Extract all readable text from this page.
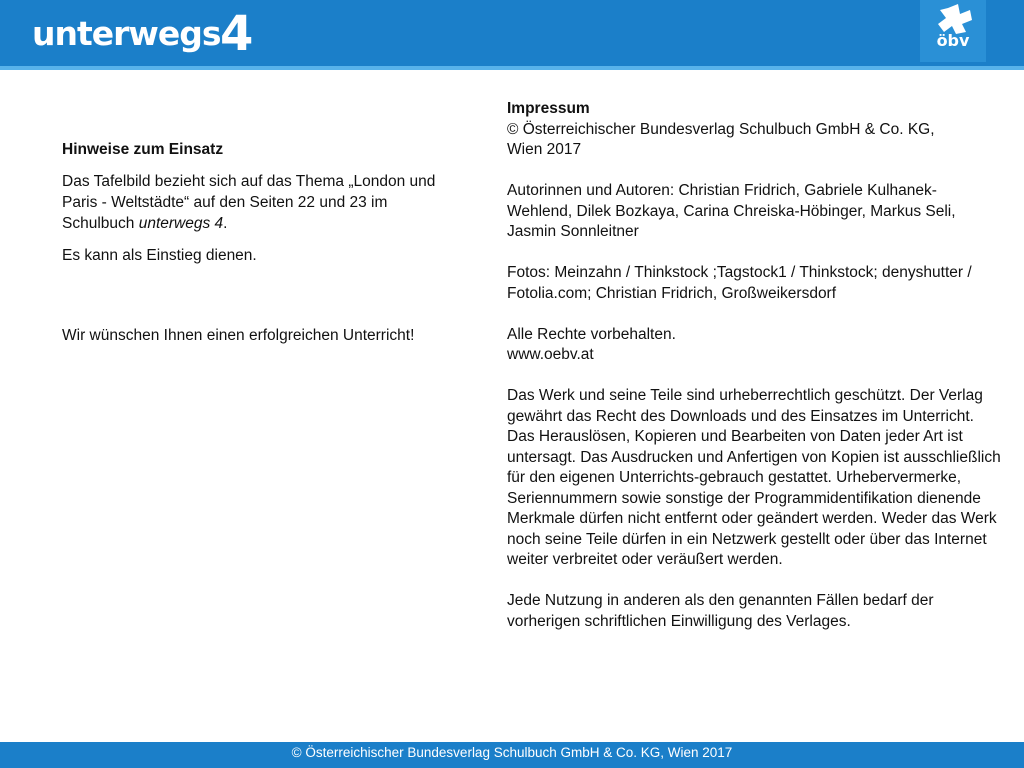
unterwegs 4	öbv

Hinweise zum Einsatz

Das Tafelbild bezieht sich auf das Thema „London und Paris - Weltstädte“ auf den Seiten 22 und 23 im Schulbuch unterwegs 4.

Es kann als Einstieg dienen.

Wir wünschen Ihnen einen erfolgreichen Unterricht!

Impressum

© Österreichischer Bundesverlag Schulbuch GmbH & Co. KG,

Wien 2017

Autorinnen und Autoren: Christian Fridrich, Gabriele Kulhanek-Wehlend, Dilek Bozkaya, Carina Chreiska-Höbinger, Markus Seli, Jasmin Sonnleitner

Fotos: Meinzahn / Thinkstock ;Tagstock1 / Thinkstock; denyshutter / Fotolia.com; Christian Fridrich, Großweikersdorf

Alle Rechte vorbehalten.

www.oebv.at

Das Werk und seine Teile sind urheberrechtlich geschützt. Der Verlag gewährt das Recht des Downloads und des Einsatzes im Unterricht. Das Herauslösen, Kopieren und Bearbeiten von Daten jeder Art ist untersagt. Das Ausdrucken und Anfertigen von Kopien ist ausschließlich für den eigenen Unterrichts-gebrauch gestattet. Urhebervermerke, Seriennummern sowie sonstige der Programmidentifikation dienende Merkmale dürfen nicht entfernt oder geändert werden. Weder das Werk noch seine Teile dürfen in ein Netzwerk gestellt oder über das Internet weiter verbreitet oder veräußert werden.

Jede Nutzung in anderen als den genannten Fällen bedarf der vorherigen schriftlichen Einwilligung des Verlages.

© Österreichischer Bundesverlag Schulbuch GmbH & Co. KG, Wien 2017
